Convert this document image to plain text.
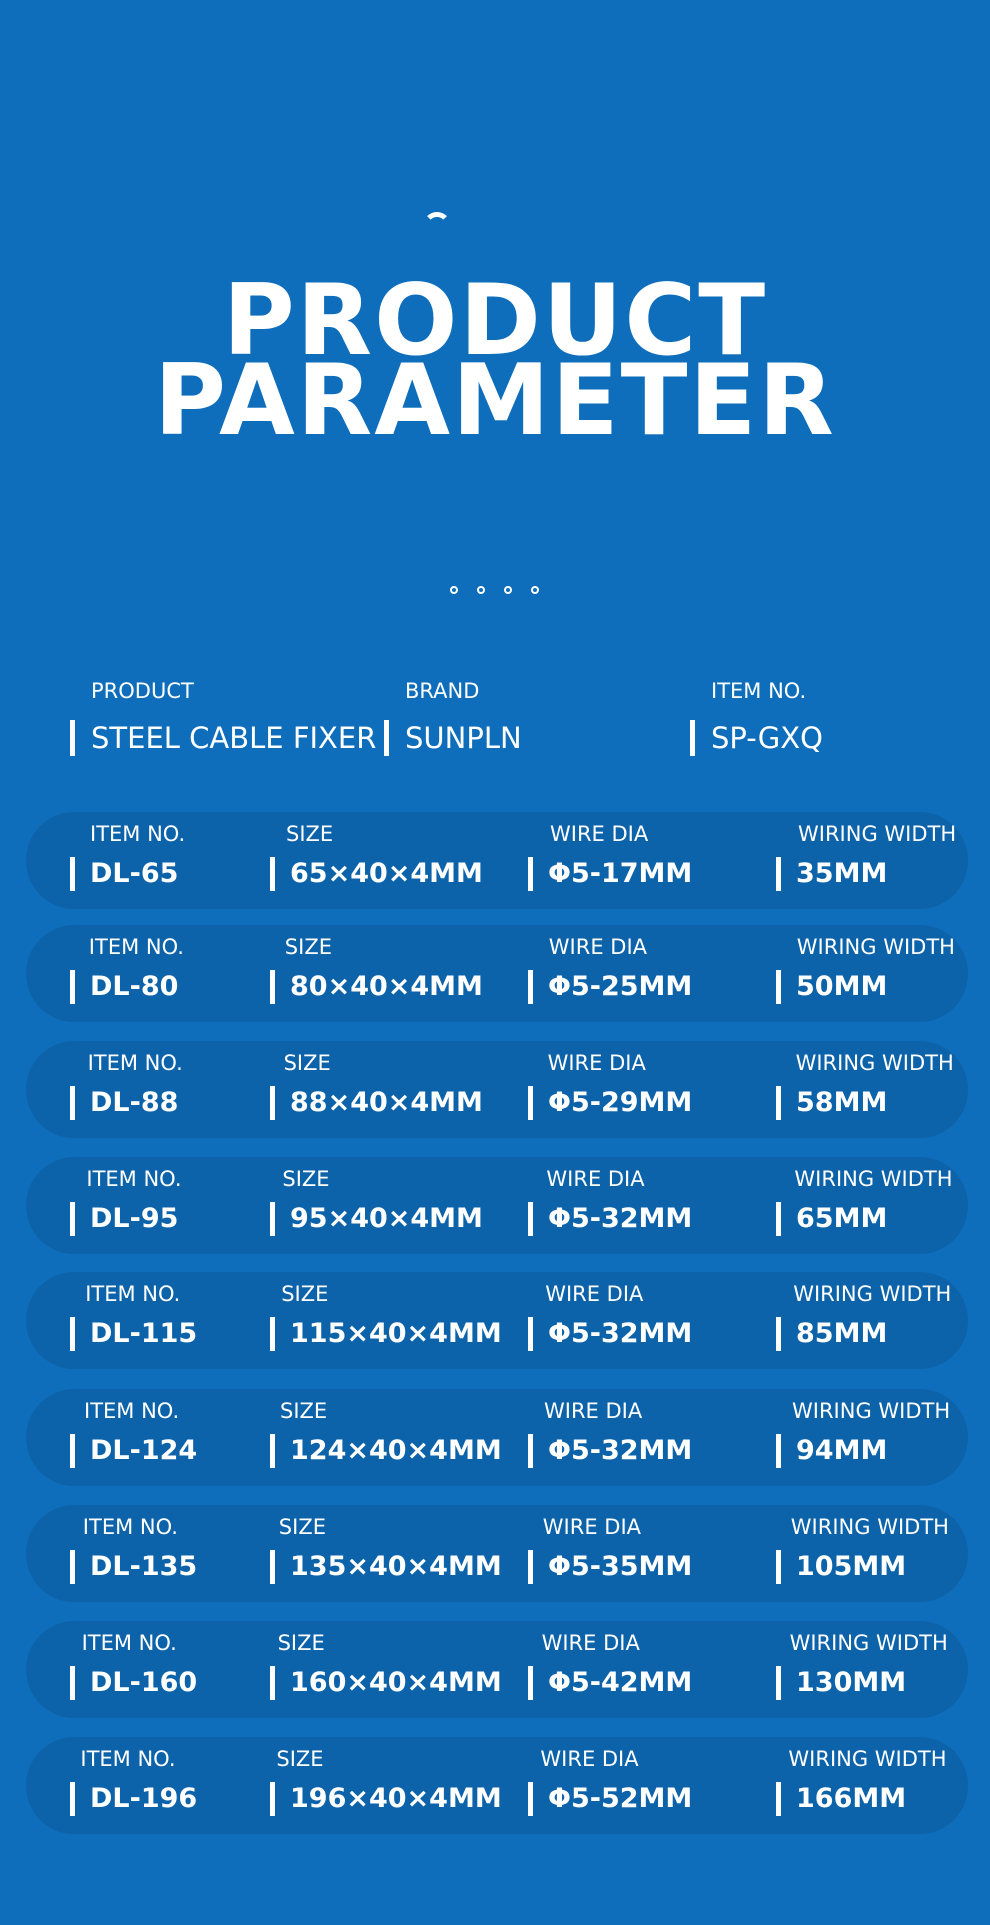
PRODUCT
PARAMETER
PRODUCT
STEEL CABLE FIXER
BRAND
SUNPLN
ITEM NO.
SP-GXQ
ITEM NO.
DL-65
SIZE
65×40×4MM
WIRE DIA
Φ5-17MM
WIRING WIDTH
35MM
ITEM NO.
DL-80
SIZE
80×40×4MM
WIRE DIA
Φ5-25MM
WIRING WIDTH
50MM
ITEM NO.
DL-88
SIZE
88×40×4MM
WIRE DIA
Φ5-29MM
WIRING WIDTH
58MM
ITEM NO.
DL-95
SIZE
95×40×4MM
WIRE DIA
Φ5-32MM
WIRING WIDTH
65MM
ITEM NO.
DL-115
SIZE
115×40×4MM
WIRE DIA
Φ5-32MM
WIRING WIDTH
85MM
ITEM NO.
DL-124
SIZE
124×40×4MM
WIRE DIA
Φ5-32MM
WIRING WIDTH
94MM
ITEM NO.
DL-135
SIZE
135×40×4MM
WIRE DIA
Φ5-35MM
WIRING WIDTH
105MM
ITEM NO.
DL-160
SIZE
160×40×4MM
WIRE DIA
Φ5-42MM
WIRING WIDTH
130MM
ITEM NO.
DL-196
SIZE
196×40×4MM
WIRE DIA
Φ5-52MM
WIRING WIDTH
166MM
